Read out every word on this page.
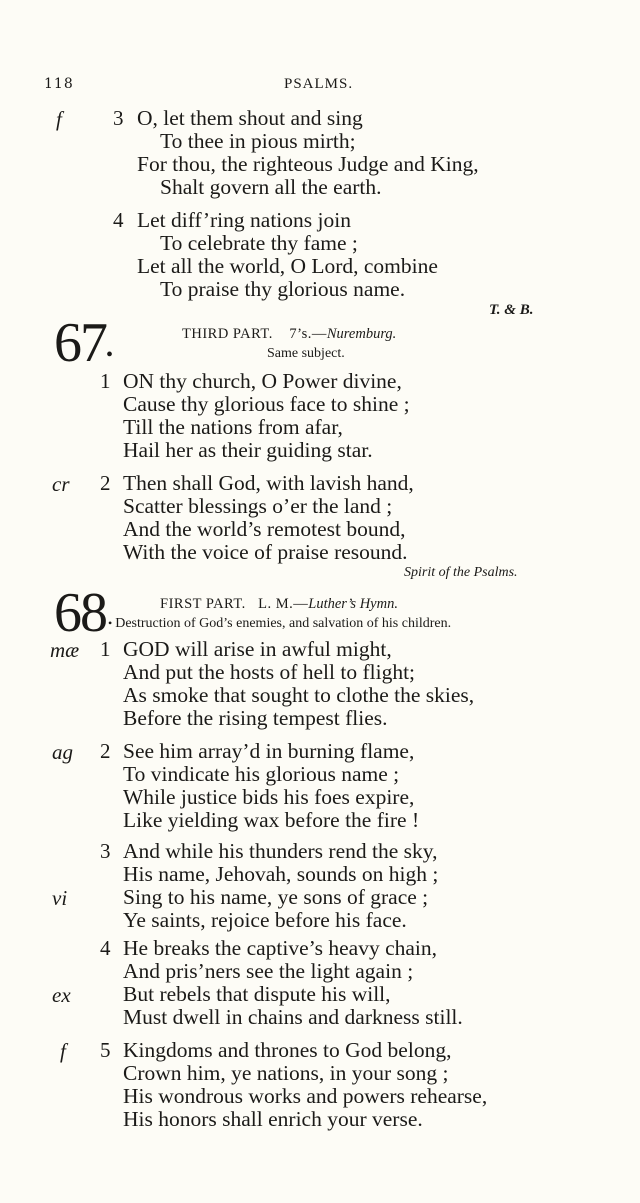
118	PSALMS.
f 3 O, let them shout and sing
To thee in pious mirth;
For thou, the righteous Judge and King,
Shalt govern all the earth.
4 Let diff’ring nations join
To celebrate thy fame ;
Let all the world, O Lord, combine
To praise thy glorious name.
T. & B.
67•
THIRD PART. 7’s.—Nuremburg.
Same subject.
1 ON thy church, O Power divine,
Cause thy glorious face to shine ;
Till the nations from afar,
Hail her as their guiding star.
cr 2 Then shall God, with lavish hand,
Scatter blessings o’er the land ;
And the world’s remotest bound,
With the voice of praise resound.
Spirit of the Psalms.
68	FIRST PART. L. M.—Luther’s Hymn.
• Destruction of God’s enemies, and salvation of his children.
mæ 1 GOD will arise in awful might,
And put the hosts of hell to flight;
As smoke that sought to clothe the skies,
Before the rising tempest flies.
ag 2 See him array’d in burning flame,
To vindicate his glorious name ;
While justice bids his foes expire,
Like yielding wax before the fire !
3 And while his thunders rend the sky,
His name, Jehovah, sounds on high ;
vi	Sing to his name, ye sons of grace ;
Ye saints, rejoice before his face.
4 He breaks the captive’s heavy chain,
And pris’ners see the light again ;
ex But rebels that dispute his will,
Must dwell in chains and darkness still.
f 5 Kingdoms and thrones to God belong,
Crown him, ye nations, in your song ;
His wondrous works and powers rehearse,
His honors shall enrich your verse.
